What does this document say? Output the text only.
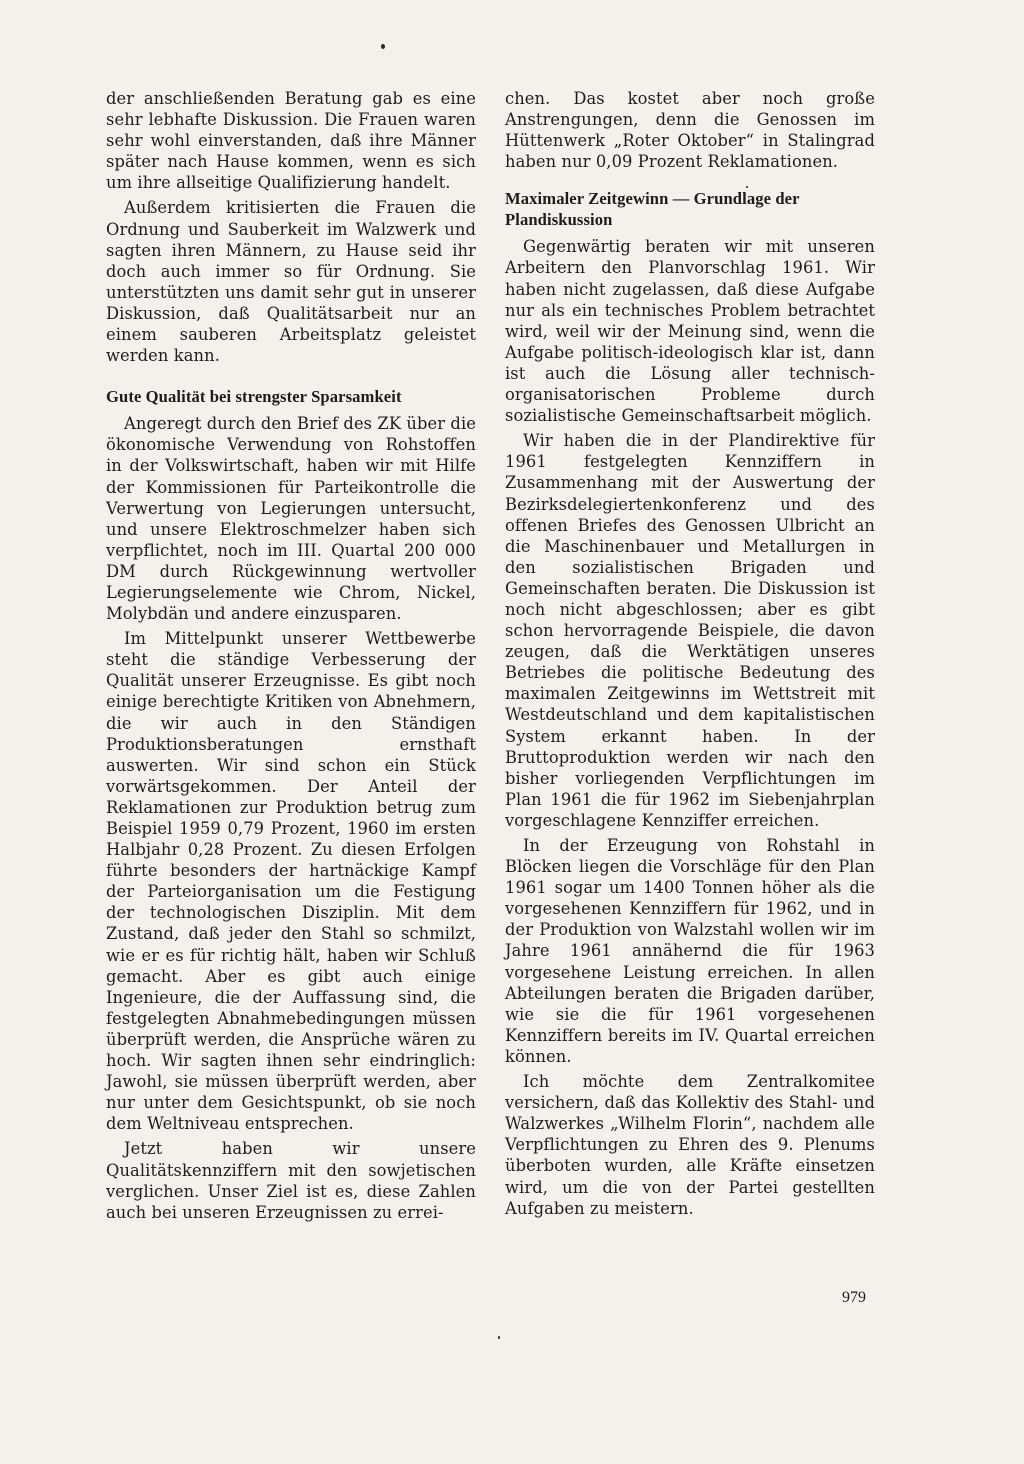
der anschließenden Beratung gab es eine sehr lebhafte Diskussion. Die Frauen waren sehr wohl einverstanden, daß ihre Männer später nach Hause kommen, wenn es sich um ihre allseitige Qualifizierung handelt.

Außerdem kritisierten die Frauen die Ordnung und Sauberkeit im Walzwerk und sagten ihren Männern, zu Hause seid ihr doch auch immer so für Ordnung. Sie unterstützten uns damit sehr gut in unserer Diskussion, daß Qualitätsarbeit nur an einem sauberen Arbeitsplatz geleistet werden kann.

Gute Qualität bei strengster Sparsamkeit

Angeregt durch den Brief des ZK über die ökonomische Verwendung von Rohstoffen in der Volkswirtschaft, haben wir mit Hilfe der Kommissionen für Parteikontrolle die Verwertung von Legierungen untersucht, und unsere Elektroschmelzer haben sich verpflichtet, noch im III. Quartal 200 000 DM durch Rückgewinnung wertvoller Legierungselemente wie Chrom, Nickel, Molybdän und andere einzusparen.

Im Mittelpunkt unserer Wettbewerbe steht die ständige Verbesserung der Qualität unserer Erzeugnisse. Es gibt noch einige berechtigte Kritiken von Abnehmern, die wir auch in den Ständigen Produktionsberatungen ernsthaft auswerten. Wir sind schon ein Stück vorwärtsgekommen. Der Anteil der Reklamationen zur Produktion betrug zum Beispiel 1959 0,79 Prozent, 1960 im ersten Halbjahr 0,28 Prozent. Zu diesen Erfolgen führte besonders der hartnäckige Kampf der Parteiorganisation um die Festigung der technologischen Disziplin. Mit dem Zustand, daß jeder den Stahl so schmilzt, wie er es für richtig hält, haben wir Schluß gemacht. Aber es gibt auch einige Ingenieure, die der Auffassung sind, die festgelegten Abnahmebedingungen müssen überprüft werden, die Ansprüche wären zu hoch. Wir sagten ihnen sehr eindringlich: Jawohl, sie müssen überprüft werden, aber nur unter dem Gesichtspunkt, ob sie noch dem Weltniveau entsprechen.

Jetzt haben wir unsere Qualitätskennziffern mit den sowjetischen verglichen. Unser Ziel ist es, diese Zahlen auch bei unseren Erzeugnissen zu errei-

chen. Das kostet aber noch große Anstrengungen, denn die Genossen im Hüttenwerk „Roter Oktober“ in Stalingrad haben nur 0,09 Prozent Reklamationen.

Maximaler Zeitgewinn — Grundlage der Plandiskussion

Gegenwärtig beraten wir mit unseren Arbeitern den Planvorschlag 1961. Wir haben nicht zugelassen, daß diese Aufgabe nur als ein technisches Problem betrachtet wird, weil wir der Meinung sind, wenn die Aufgabe politisch-ideologisch klar ist, dann ist auch die Lösung aller technisch-organisatorischen Probleme durch sozialistische Gemeinschaftsarbeit möglich.

Wir haben die in der Plandirektive für 1961 festgelegten Kennziffern in Zusammenhang mit der Auswertung der Bezirksdelegiertenkonferenz und des offenen Briefes des Genossen Ulbricht an die Maschinenbauer und Metallurgen in den sozialistischen Brigaden und Gemeinschaften beraten. Die Diskussion ist noch nicht abgeschlossen; aber es gibt schon hervorragende Beispiele, die davon zeugen, daß die Werktätigen unseres Betriebes die politische Bedeutung des maximalen Zeitgewinns im Wettstreit mit Westdeutschland und dem kapitalistischen System erkannt haben. In der Bruttoproduktion werden wir nach den bisher vorliegenden Verpflichtungen im Plan 1961 die für 1962 im Siebenjahrplan vorgeschlagene Kennziffer erreichen.

In der Erzeugung von Rohstahl in Blöcken liegen die Vorschläge für den Plan 1961 sogar um 1400 Tonnen höher als die vorgesehenen Kennziffern für 1962, und in der Produktion von Walzstahl wollen wir im Jahre 1961 annähernd die für 1963 vorgesehene Leistung erreichen. In allen Abteilungen beraten die Brigaden darüber, wie sie die für 1961 vorgesehenen Kennziffern bereits im IV. Quartal erreichen können.

Ich möchte dem Zentralkomitee versichern, daß das Kollektiv des Stahl- und Walzwerkes „Wilhelm Florin“, nachdem alle Verpflichtungen zu Ehren des 9. Plenums überboten wurden, alle Kräfte einsetzen wird, um die von der Partei gestellten Aufgaben zu meistern.

979
